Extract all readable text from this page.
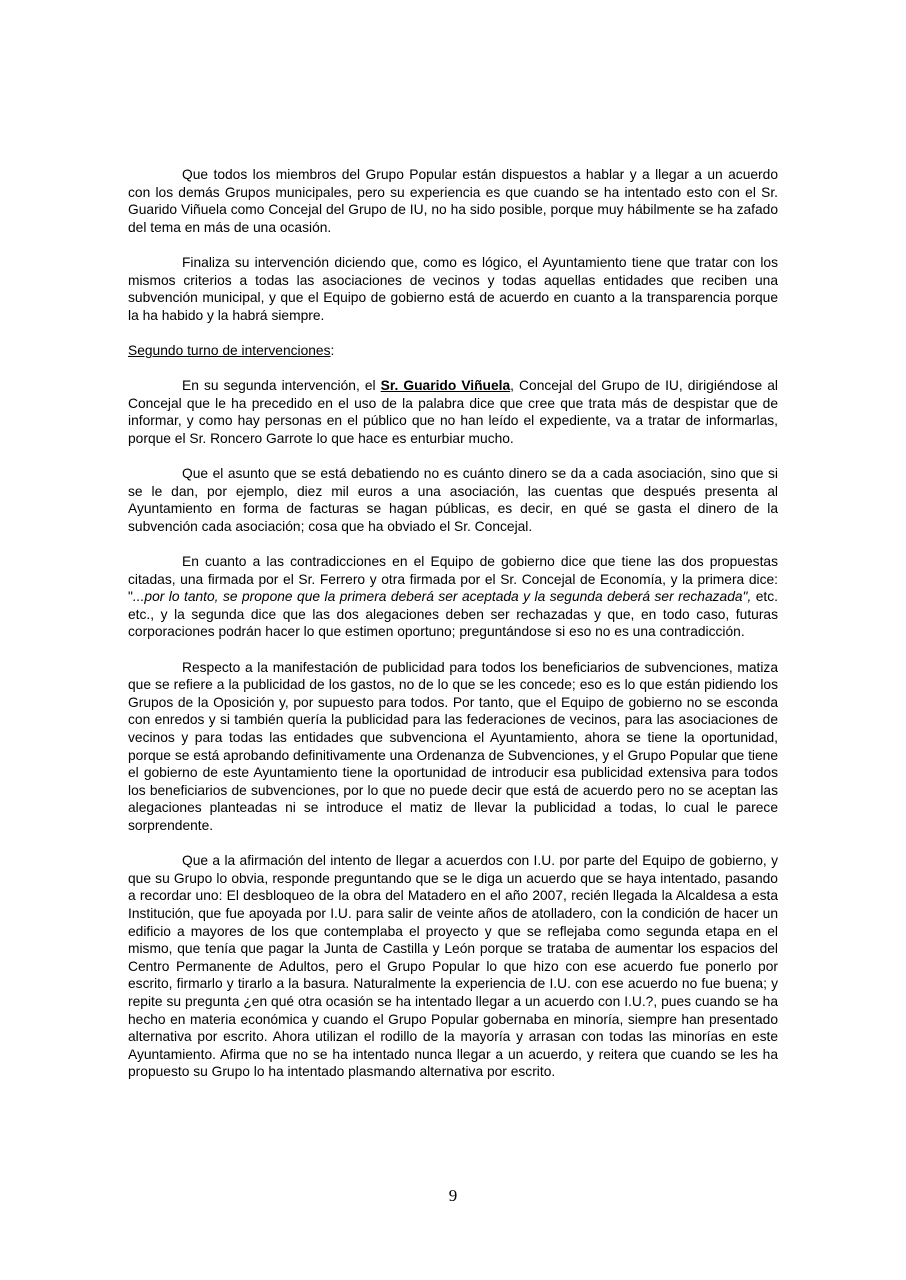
Que todos los miembros del Grupo Popular están dispuestos a hablar y a llegar a un acuerdo con los demás Grupos municipales, pero su experiencia es que cuando se ha intentado esto con el Sr. Guarido Viñuela como Concejal del Grupo de IU, no ha sido posible, porque muy hábilmente se ha zafado del tema en más de una ocasión.

Finaliza su intervención diciendo que, como es lógico, el Ayuntamiento tiene que tratar con los mismos criterios a todas las asociaciones de vecinos y todas aquellas entidades que reciben una subvención municipal, y que el Equipo de gobierno está de acuerdo en cuanto a la transparencia porque la ha habido y la habrá siempre.

Segundo turno de intervenciones:

En su segunda intervención, el Sr. Guarido Viñuela, Concejal del Grupo de IU, dirigiéndose al Concejal que le ha precedido en el uso de la palabra dice que cree que trata más de despistar que de informar, y como hay personas en el público que no han leído el expediente, va a tratar de informarlas, porque el Sr. Roncero Garrote lo que hace es enturbiar mucho.

Que el asunto que se está debatiendo no es cuánto dinero se da a cada asociación, sino que si se le dan, por ejemplo, diez mil euros a una asociación, las cuentas que después presenta al Ayuntamiento en forma de facturas se hagan públicas, es decir, en qué se gasta el dinero de la subvención cada asociación; cosa que ha obviado el Sr. Concejal.

En cuanto a las contradicciones en el Equipo de gobierno dice que tiene las dos propuestas citadas, una firmada por el Sr. Ferrero y otra firmada por el Sr. Concejal de Economía, y la primera dice: "...por lo tanto, se propone que la primera deberá ser aceptada y la segunda deberá ser rechazada", etc. etc., y la segunda dice que las dos alegaciones deben ser rechazadas y que, en todo caso, futuras corporaciones podrán hacer lo que estimen oportuno; preguntándose si eso no es una contradicción.

Respecto a la manifestación de publicidad para todos los beneficiarios de subvenciones, matiza que se refiere a la publicidad de los gastos, no de lo que se les concede; eso es lo que están pidiendo los Grupos de la Oposición y, por supuesto para todos. Por tanto, que el Equipo de gobierno no se esconda con enredos y si también quería la publicidad para las federaciones de vecinos, para las asociaciones de vecinos y para todas las entidades que subvenciona el Ayuntamiento, ahora se tiene la oportunidad, porque se está aprobando definitivamente una Ordenanza de Subvenciones, y el Grupo Popular que tiene el gobierno de este Ayuntamiento tiene la oportunidad de introducir esa publicidad extensiva para todos los beneficiarios de subvenciones, por lo que no puede decir que está de acuerdo pero no se aceptan las alegaciones planteadas ni se introduce el matiz de llevar la publicidad a todas, lo cual le parece sorprendente.

Que a la afirmación del intento de llegar a acuerdos con I.U. por parte del Equipo de gobierno, y que su Grupo lo obvia, responde preguntando que se le diga un acuerdo que se haya intentado, pasando a recordar uno: El desbloqueo de la obra del Matadero en el año 2007, recién llegada la Alcaldesa a esta Institución, que fue apoyada por I.U. para salir de veinte años de atolladero, con la condición de hacer un edificio a mayores de los que contemplaba el proyecto y que se reflejaba como segunda etapa en el mismo, que tenía que pagar la Junta de Castilla y León porque se trataba de aumentar los espacios del Centro Permanente de Adultos, pero el Grupo Popular lo que hizo con ese acuerdo fue ponerlo por escrito, firmarlo y tirarlo a la basura. Naturalmente la experiencia de I.U. con ese acuerdo no fue buena; y repite su pregunta ¿en qué otra ocasión se ha intentado llegar a un acuerdo con I.U.?, pues cuando se ha hecho en materia económica y cuando el Grupo Popular gobernaba en minoría, siempre han presentado alternativa por escrito. Ahora utilizan el rodillo de la mayoría y arrasan con todas las minorías en este Ayuntamiento. Afirma que no se ha intentado nunca llegar a un acuerdo, y reitera que cuando se les ha propuesto su Grupo lo ha intentado plasmando alternativa por escrito.

9
